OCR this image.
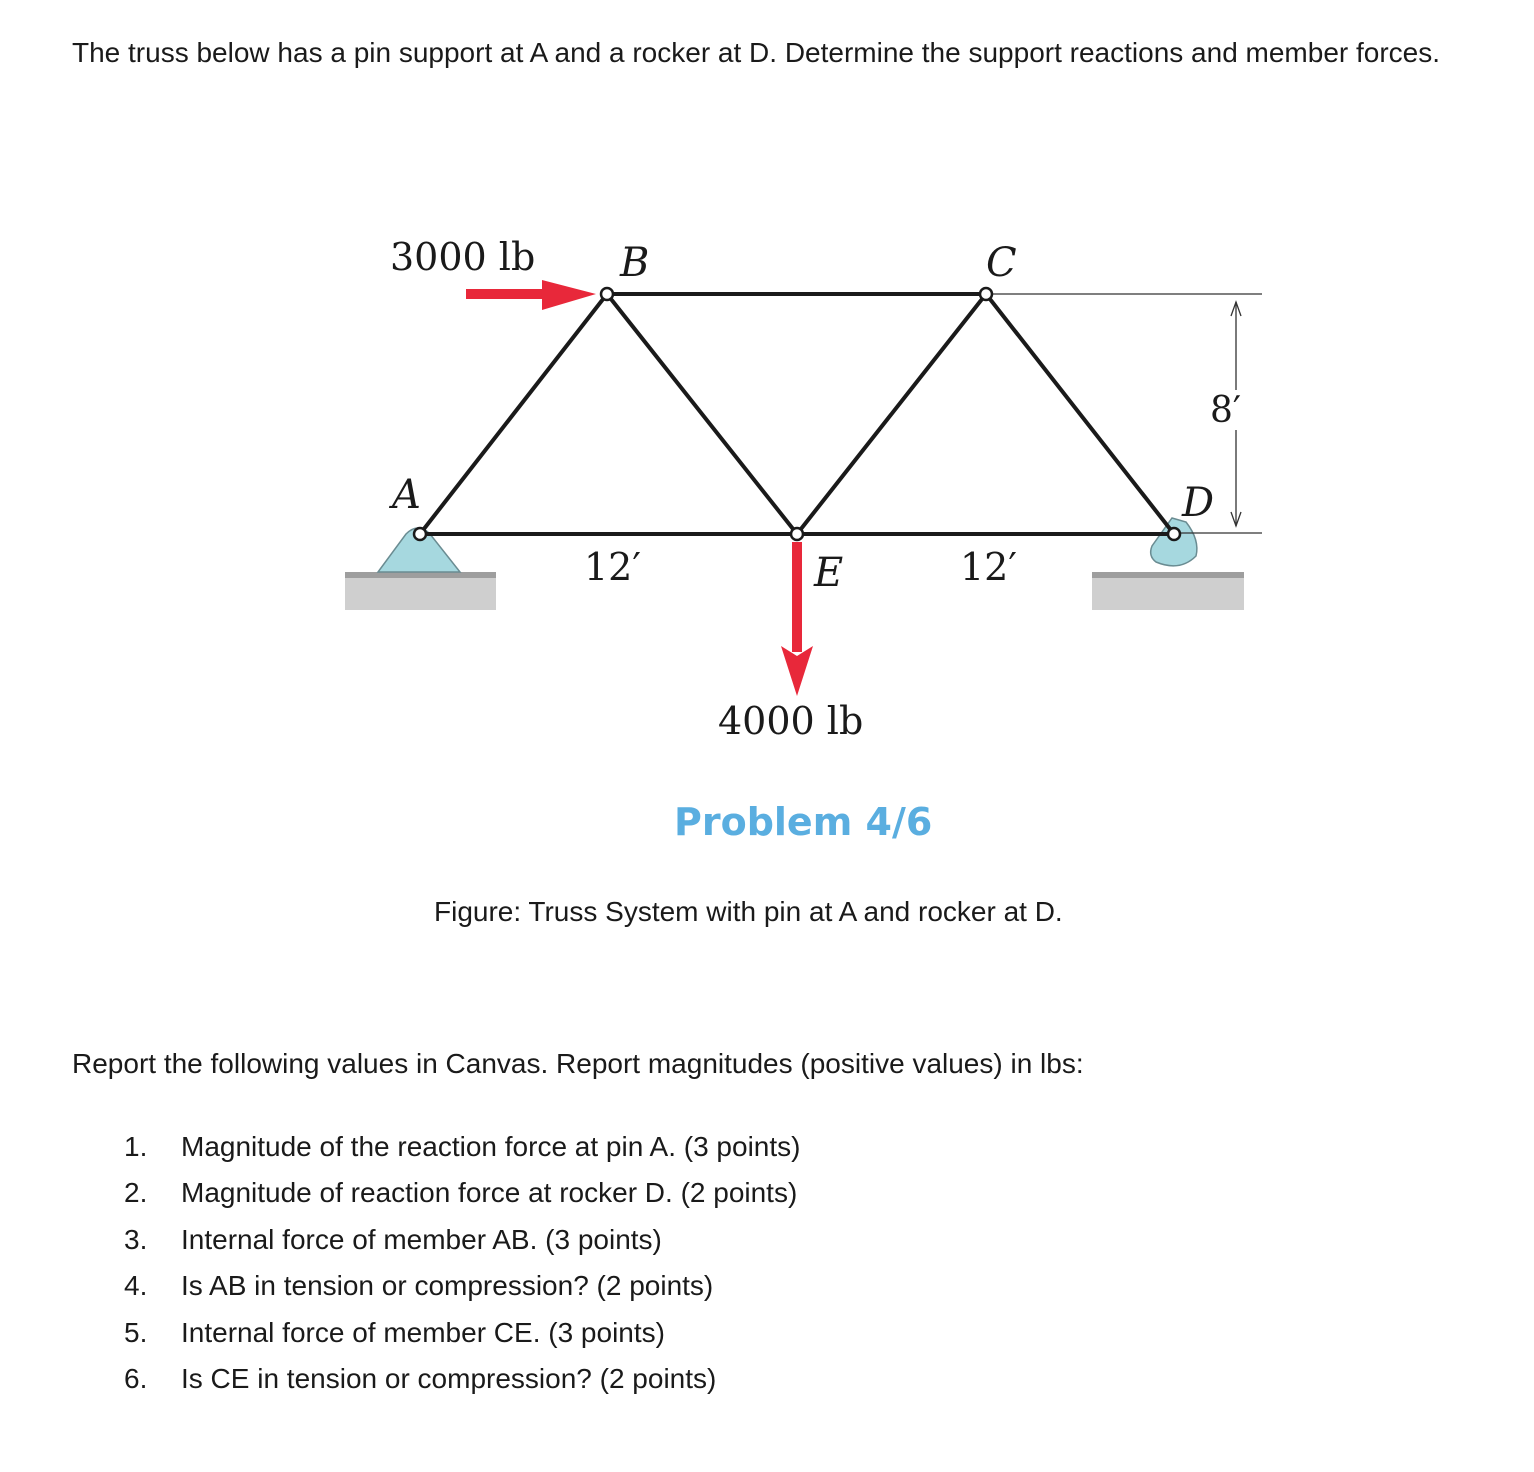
The truss below has a pin support at A and a rocker at D. Determine the support reactions and member forces.

3000 lb B	C
A	D
E
12′	12′
8′
4000 lb
Problem 4/6
Figure: Truss System with pin at A and rocker at D.
Report the following values in Canvas. Report magnitudes (positive values) in lbs:
1.	Magnitude of the reaction force at pin A. (3 points)
2.	Magnitude of reaction force at rocker D. (2 points)
3.	Internal force of member AB. (3 points)
4.	Is AB in tension or compression? (2 points)
5.	Internal force of member CE. (3 points)
6.	Is CE in tension or compression? (2 points)
